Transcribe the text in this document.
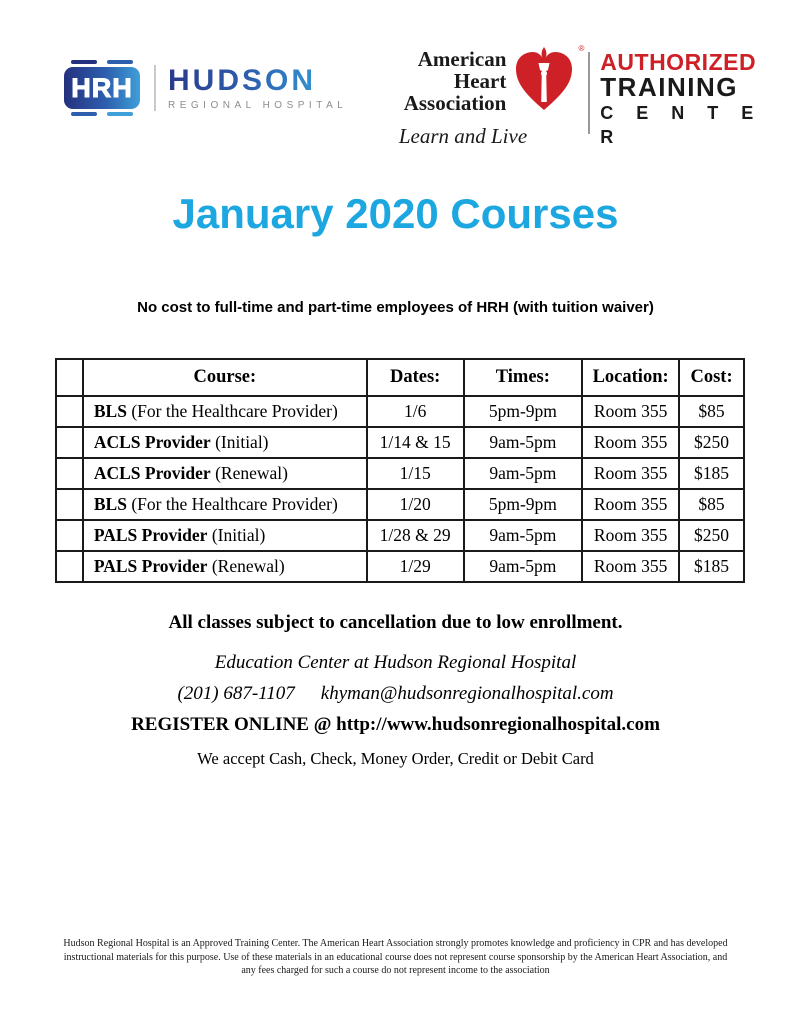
HRH HUDSON
REGIONAL HOSPITAL
American Heart
Association
®
Learn and Live
AUTHORIZED
TRAINING
C E N T E R
January 2020 Courses
No cost to full-time and part-time employees of HRH (with tuition waiver)
	Course:	Dates:	Times:	Location:	Cost:
	BLS (For the Healthcare Provider)	1/6	5pm-9pm	Room 355	$85
	ACLS Provider (Initial)	1/14 & 15	9am-5pm	Room 355	$250
	ACLS Provider (Renewal)	1/15	9am-5pm	Room 355	$185
	BLS (For the Healthcare Provider)	1/20	5pm-9pm	Room 355	$85
	PALS Provider (Initial)	1/28 & 29	9am-5pm	Room 355	$250
	PALS Provider (Renewal)	1/29	9am-5pm	Room 355	$185
All classes subject to cancellation due to low enrollment.
Education Center at Hudson Regional Hospital
(201) 687-1107 khyman@hudsonregionalhospital.com
REGISTER ONLINE @ http://www.hudsonregionalhospital.com
We accept Cash, Check, Money Order, Credit or Debit Card
Hudson Regional Hospital is an Approved Training Center. The American Heart Association strongly promotes knowledge and proficiency in CPR and has developed
instructional materials for this purpose. Use of these materials in an educational course does not represent course sponsorship by the American Heart Association, and
any fees charged for such a course do not represent income to the association
